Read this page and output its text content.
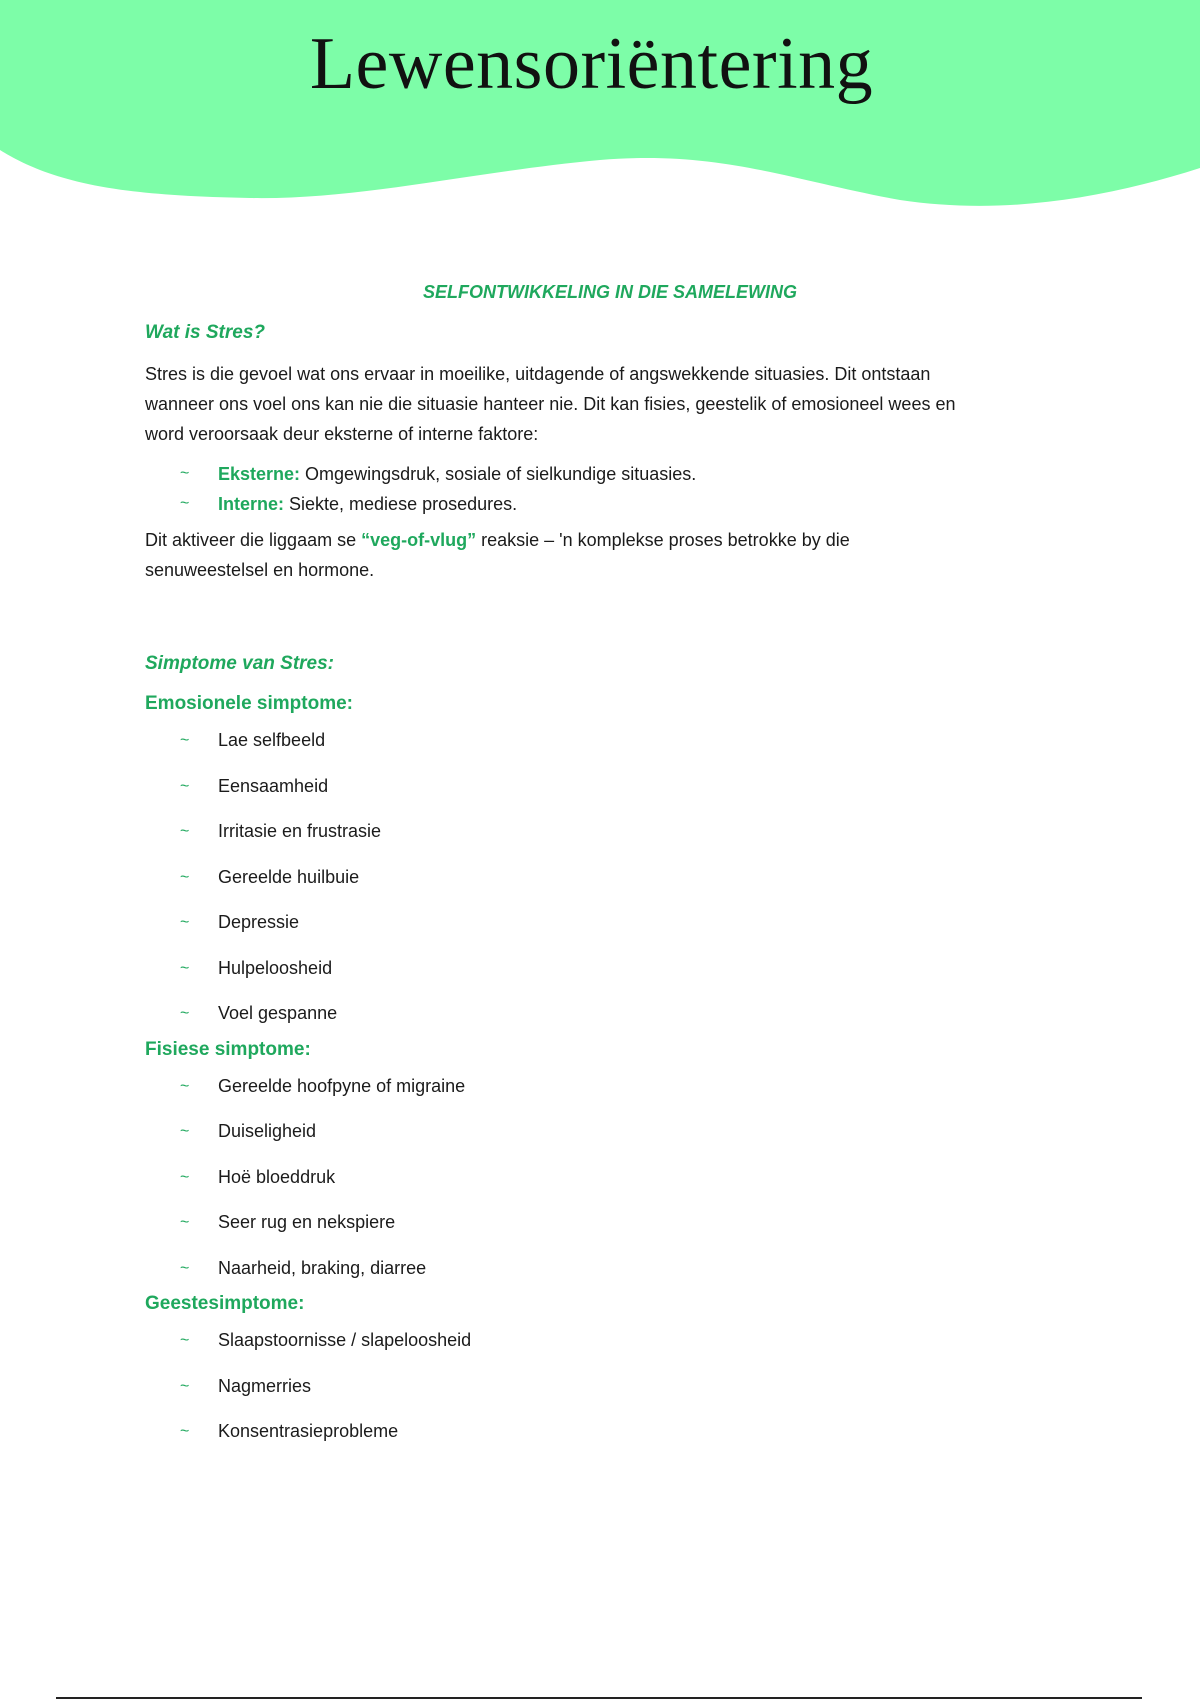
Lewensoriëntering
SELFONTWIKKELING IN DIE SAMELEWING
Wat is Stres?

Stres is die gevoel wat ons ervaar in moeilike, uitdagende of angswekkende situasies. Dit ontstaan
wanneer ons voel ons kan nie die situasie hanteer nie. Dit kan fisies, geestelik of emosioneel wees en
word veroorsaak deur eksterne of interne faktore:

~ Eksterne: Omgewingsdruk, sosiale of sielkundige situasies.
~ Interne: Siekte, mediese prosedures.

Dit aktiveer die liggaam se “veg-of-vlug” reaksie – 'n komplekse proses betrokke by die
senuweestelsel en hormone.

Simptome van Stres:
Emosionele simptome:
~ Lae selfbeeld
~ Eensaamheid
~ Irritasie en frustrasie
~ Gereelde huilbuie
~ Depressie
~ Hulpeloosheid
~ Voel gespanne
Fisiese simptome:
~ Gereelde hoofpyne of migraine
~ Duiseligheid
~ Hoë bloeddruk
~ Seer rug en nekspiere
~ Naarheid, braking, diarree
Geestesimptome:
~ Slaapstoornisse / slapeloosheid
~ Nagmerries
~ Konsentrasieprobleme
